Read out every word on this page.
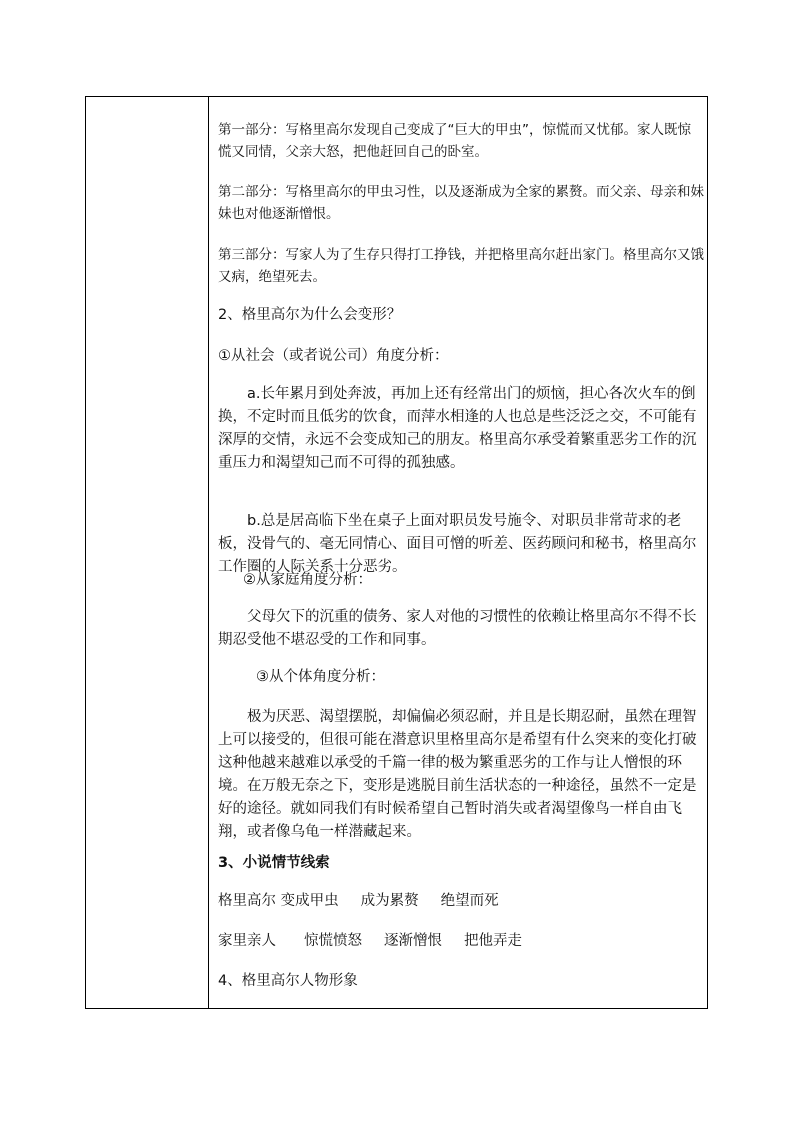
第一部分：写格里高尔发现自己变成了“巨大的甲虫”，惊慌而又忧郁。家人既惊慌又同情，父亲大怒，把他赶回自己的卧室。

第二部分：写格里高尔的甲虫习性，以及逐渐成为全家的累赘。而父亲、母亲和妹妹也对他逐渐憎恨。

第三部分：写家人为了生存只得打工挣钱，并把格里高尔赶出家门。格里高尔又饿又病，绝望死去。

2、格里高尔为什么会变形？

①从社会（或者说公司）角度分析：

a.长年累月到处奔波，再加上还有经常出门的烦恼，担心各次火车的倒换，不定时而且低劣的饮食，而萍水相逢的人也总是些泛泛之交，不可能有深厚的交情，永远不会变成知己的朋友。格里高尔承受着繁重恶劣工作的沉重压力和渴望知己而不可得的孤独感。

b.总是居高临下坐在桌子上面对职员发号施令、对职员非常苛求的老板，没骨气的、毫无同情心、面目可憎的听差、医药顾问和秘书，格里高尔工作圈的人际关系十分恶劣。

②从家庭角度分析：

父母欠下的沉重的债务、家人对他的习惯性的依赖让格里高尔不得不长期忍受他不堪忍受的工作和同事。

③从个体角度分析：

极为厌恶、渴望摆脱，却偏偏必须忍耐，并且是长期忍耐，虽然在理智上可以接受的，但很可能在潜意识里格里高尔是希望有什么突来的变化打破这种他越来越难以承受的千篇一律的极为繁重恶劣的工作与让人憎恨的环境。在万般无奈之下，变形是逃脱目前生活状态的一种途径，虽然不一定是好的途径。就如同我们有时候希望自己暂时消失或者渴望像鸟一样自由飞翔，或者像乌龟一样潜藏起来。

3、小说情节线索

格里高尔 变成甲虫 成为累赘 绝望而死

家里亲人 惊慌愤怒 逐渐憎恨 把他弄走

4、格里高尔人物形象
